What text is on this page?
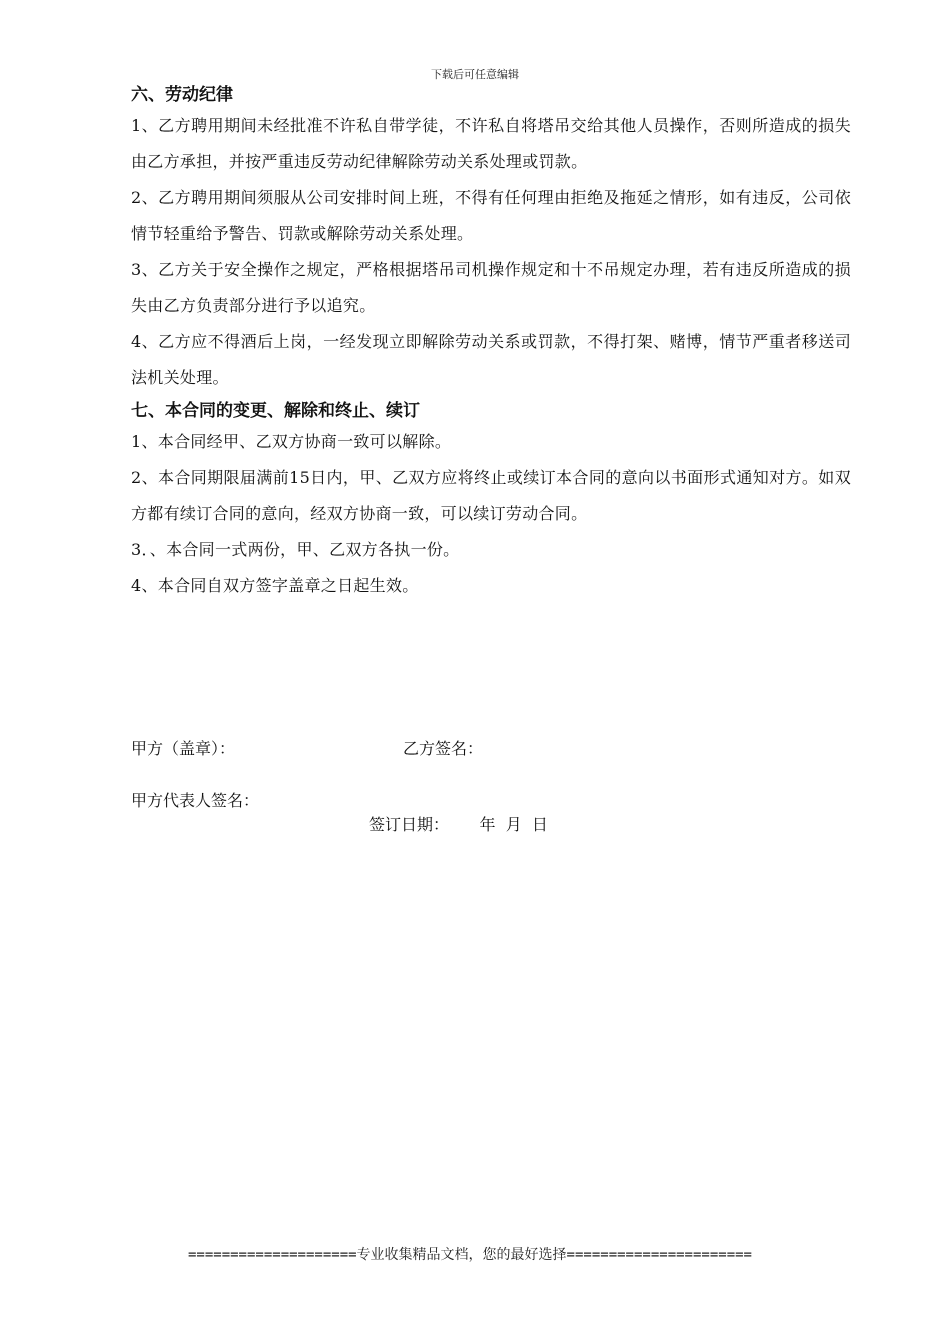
下载后可任意编辑

六、劳动纪律

1、乙方聘用期间未经批准不许私自带学徒，不许私自将塔吊交给其他人员操作，否则所造成的损失由乙方承担，并按严重违反劳动纪律解除劳动关系处理或罚款。

2、乙方聘用期间须服从公司安排时间上班，不得有任何理由拒绝及拖延之情形，如有违反，公司依情节轻重给予警告、罚款或解除劳动关系处理。

3、乙方关于安全操作之规定，严格根据塔吊司机操作规定和十不吊规定办理，若有违反所造成的损失由乙方负责部分进行予以追究。

4、乙方应不得酒后上岗，一经发现立即解除劳动关系或罚款，不得打架、赌博，情节严重者移送司法机关处理。

七、本合同的变更、解除和终止、续订

1、本合同经甲、乙双方协商一致可以解除。

2、本合同期限届满前15日内，甲、乙双方应将终止或续订本合同的意向以书面形式通知对方。如双方都有续订合同的意向，经双方协商一致，可以续订劳动合同。

3．、本合同一式两份，甲、乙双方各执一份。

4、本合同自双方签字盖章之日起生效。

甲方（盖章）：	乙方签名：
甲方代表人签名：
签订日期：      年  月  日
====================专业收集精品文档，您的最好选择======================
